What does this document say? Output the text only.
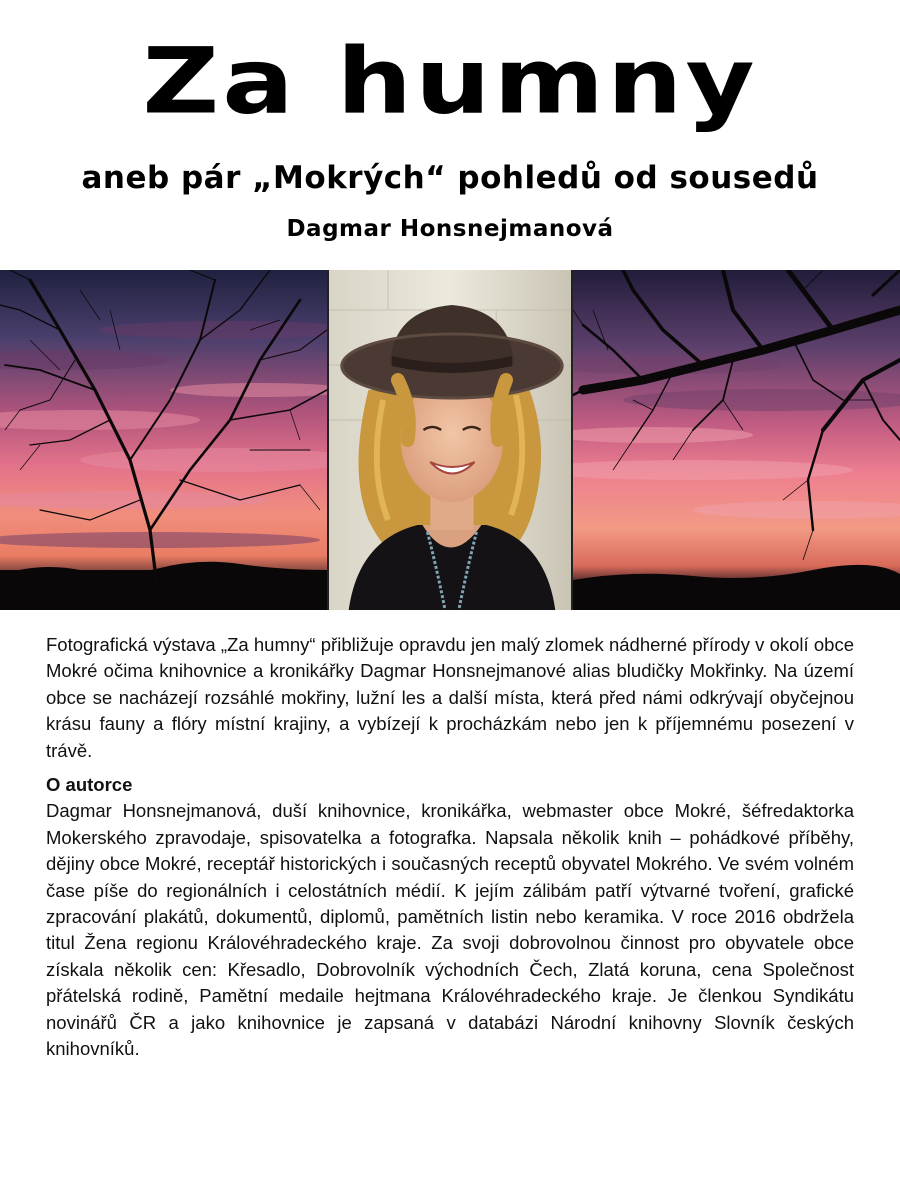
Za humny
aneb pár „Mokrých“ pohledů od sousedů
Dagmar Honsnejmanová

Fotografická výstava „Za humny“ přibližuje opravdu jen malý zlomek nádherné přírody v okolí obce Mokré očima knihovnice a kronikářky Dagmar Honsnejmanové alias bludičky Mokřinky. Na území obce se nacházejí rozsáhlé mokřiny, lužní les a další místa, která před námi odkrývají obyčejnou krásu fauny a flóry místní krajiny, a vybízejí k procházkám nebo jen k příjemnému posezení v trávě.

O autorce

Dagmar Honsnejmanová, duší knihovnice, kronikářka, webmaster obce Mokré, šéfredaktorka Mokerského zpravodaje, spisovatelka a fotografka. Napsala několik knih – pohádkové příběhy, dějiny obce Mokré, receptář historických i současných receptů obyvatel Mokrého. Ve svém volném čase píše do regionálních i celostátních médií. K jejím zálibám patří výtvarné tvoření, grafické zpracování plakátů, dokumentů, diplomů, pamětních listin nebo keramika. V roce 2016 obdržela titul Žena regionu Královéhradeckého kraje. Za svoji dobrovolnou činnost pro obyvatele obce získala několik cen: Křesadlo, Dobrovolník východních Čech, Zlatá koruna, cena Společnost přátelská rodině, Pamětní medaile hejtmana Královéhradeckého kraje. Je členkou Syndikátu novinářů ČR a jako knihovnice je zapsaná v databázi Národní knihovny Slovník českých knihovníků.
